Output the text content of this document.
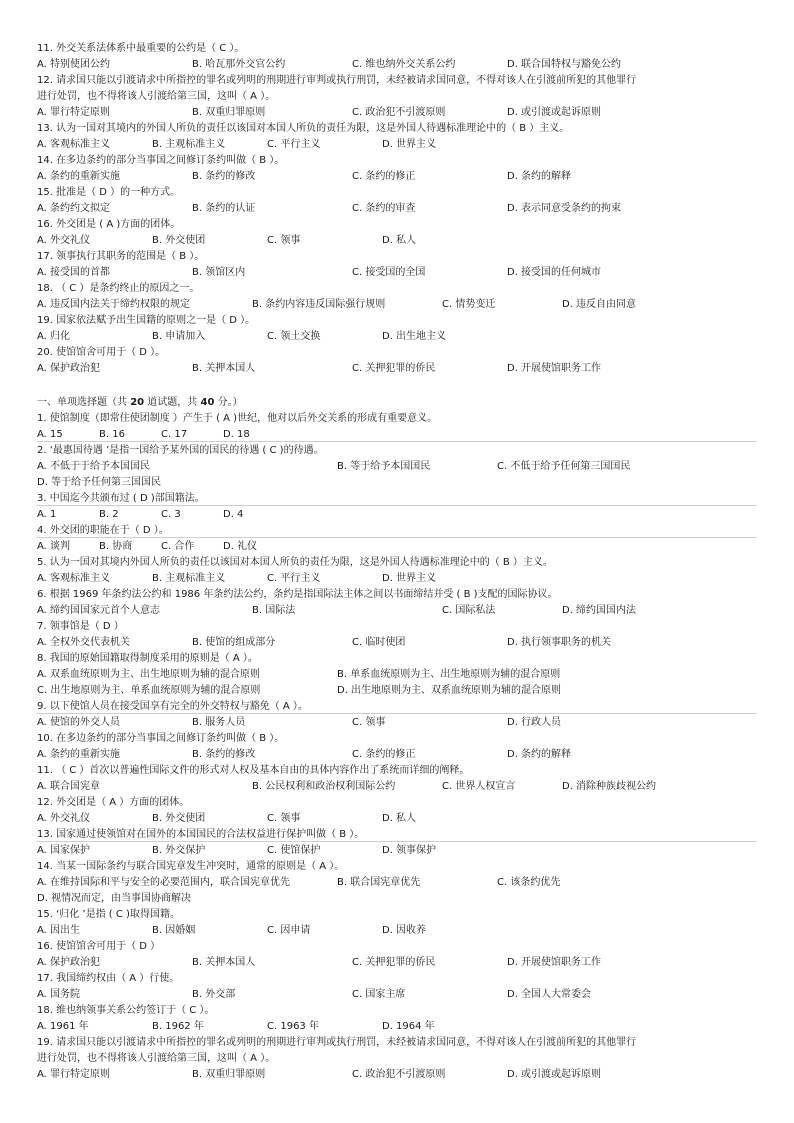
11. 外交关系法体系中最重要的公约是（ C ）。
A. 特别使团公约	B. 哈瓦那外交官公约	C. 维也纳外交关系公约	D. 联合国特权与豁免公约
12. 请求国只能以引渡请求中所指控的罪名或列明的刑期进行审判或执行刑罚，未经被请求国同意，不得对该人在引渡前所犯的其他罪行
进行处罚，也不得将该人引渡给第三国，这叫（ A ）。
A. 罪行特定原则	B. 双重归罪原则	C. 政治犯不引渡原则	D. 或引渡或起诉原则
13. 认为一国对其境内的外国人所负的责任以该国对本国人所负的责任为限，这是外国人待遇标准理论中的（ B ）主义。
A. 客观标准主义	B. 主观标准主义	C. 平行主义	D. 世界主义
14. 在多边条约的部分当事国之间修订条约叫做（ B ）。
A. 条约的重新实施	B. 条约的修改	C. 条约的修正	D. 条约的解释
15. 批准是（ D ）的一种方式。
A. 条约约文拟定	B. 条约的认证	C. 条约的审查	D. 表示同意受条约的拘束
16. 外交团是 ( A )方面的团体。
A. 外交礼仪	B. 外交使团	C. 领事	D. 私人
17. 领事执行其职务的范围是（ B ）。
A. 接受国的首都	B. 领馆区内	C. 接受国的全国	D. 接受国的任何城市
18. （ C ）是条约终止的原因之一。
A. 违反国内法关于缔约权限的规定	B. 条约内容违反国际强行规则	C. 情势变迁	D. 违反自由同意
19. 国家依法赋予出生国籍的原则之一是（ D ）。
A. 归化	B. 申请加入	C. 领土交换	D. 出生地主义
20. 使馆馆舍可用于（ D ）。
A. 保护政治犯	B. 关押本国人	C. 关押犯罪的侨民	D. 开展使馆职务工作
一、单项选择题（共 20 道试题，共 40 分。）
1. 使馆制度（即常住使团制度 ）产生于 ( A )世纪，他对以后外交关系的形成有重要意义。
A. 15	B. 16	C. 17	D. 18
2. ‘最惠国待遇 ’是指一国给予某外国的国民的待遇 ( C )的待遇。
A. 不低于于给予本国国民	B. 等于给予本国国民	C. 不低于给予任何第三国国民
D. 等于给予任何第三国国民
3. 中国迄今共颁布过 ( D )部国籍法。
A. 1	B. 2	C. 3	D. 4
4. 外交团的职能在于（ D ）。
A. 谈判	B. 协商	C. 合作	D. 礼仪
5. 认为一国对其境内外国人所负的责任以该国对本国人所负的责任为限，这是外国人待遇标准理论中的（ B ）主义。
A. 客观标准主义	B. 主观标准主义	C. 平行主义	D. 世界主义
6. 根据 1969 年条约法公约和 1986 年条约法公约，条约是指国际法主体之间以书面缔结并受 ( B )支配的国际协议。
A. 缔约国国家元首个人意志	B. 国际法	C. 国际私法	D. 缔约国国内法
7. 领事馆是（ D ）
A. 全权外交代表机关	B. 使馆的组成部分	C. 临时使团	D. 执行领事职务的机关
8. 我国的原始国籍取得制度采用的原则是（ A ）。
A. 双系血统原则为主、出生地原则为辅的混合原则	B. 单系血统原则为主、出生地原则为辅的混合原则
C. 出生地原则为主、单系血统原则为辅的混合原则	D. 出生地原则为主、双系血统原则为辅的混合原则
9. 以下使馆人员在接受国享有完全的外交特权与豁免（ A ）。
A. 使馆的外交人员	B. 服务人员	C. 领事	D. 行政人员
10. 在多边条约的部分当事国之间修订条约叫做（ B ）。
A. 条约的重新实施	B. 条约的修改	C. 条约的修正	D. 条约的解释
11. （ C ）首次以普遍性国际文件的形式对人权及基本自由的具体内容作出了系统而详细的阐释。
A. 联合国宪章	B. 公民权利和政治权利国际公约	C. 世界人权宣言	D. 消除种族歧视公约
12. 外交团是（ A ）方面的团体。
A. 外交礼仪	B. 外交使团	C. 领事	D. 私人
13. 国家通过使领馆对在国外的本国国民的合法权益进行保护叫做（ B ）。
A. 国家保护	B. 外交保护	C. 使馆保护	D. 领事保护
14. 当某一国际条约与联合国宪章发生冲突时，通常的原则是（ A ）。
A. 在维持国际和平与安全的必要范围内，联合国宪章优先	B. 联合国宪章优先	C. 该条约优先
D. 视情况而定，由当事国协商解决
15. ‘归化 ’是指 ( C )取得国籍。
A. 因出生	B. 因婚姻	C. 因申请	D. 因收养
16. 使馆馆舍可用于（ D ）
A. 保护政治犯	B. 关押本国人	C. 关押犯罪的侨民	D. 开展使馆职务工作
17. 我国缔约权由（ A ）行使。
A. 国务院	B. 外交部	C. 国家主席	D. 全国人大常委会
18. 维也纳领事关系公约签订于（ C ）。
A. 1961 年	B. 1962 年	C. 1963 年	D. 1964 年
19. 请求国只能以引渡请求中所指控的罪名或列明的刑期进行审判或执行刑罚，未经被请求国同意，不得对该人在引渡前所犯的其他罪行
进行处罚，也不得将该人引渡给第三国，这叫（ A ）。
A. 罪行特定原则	B. 双重归罪原则	C. 政治犯不引渡原则	D. 或引渡或起诉原则
